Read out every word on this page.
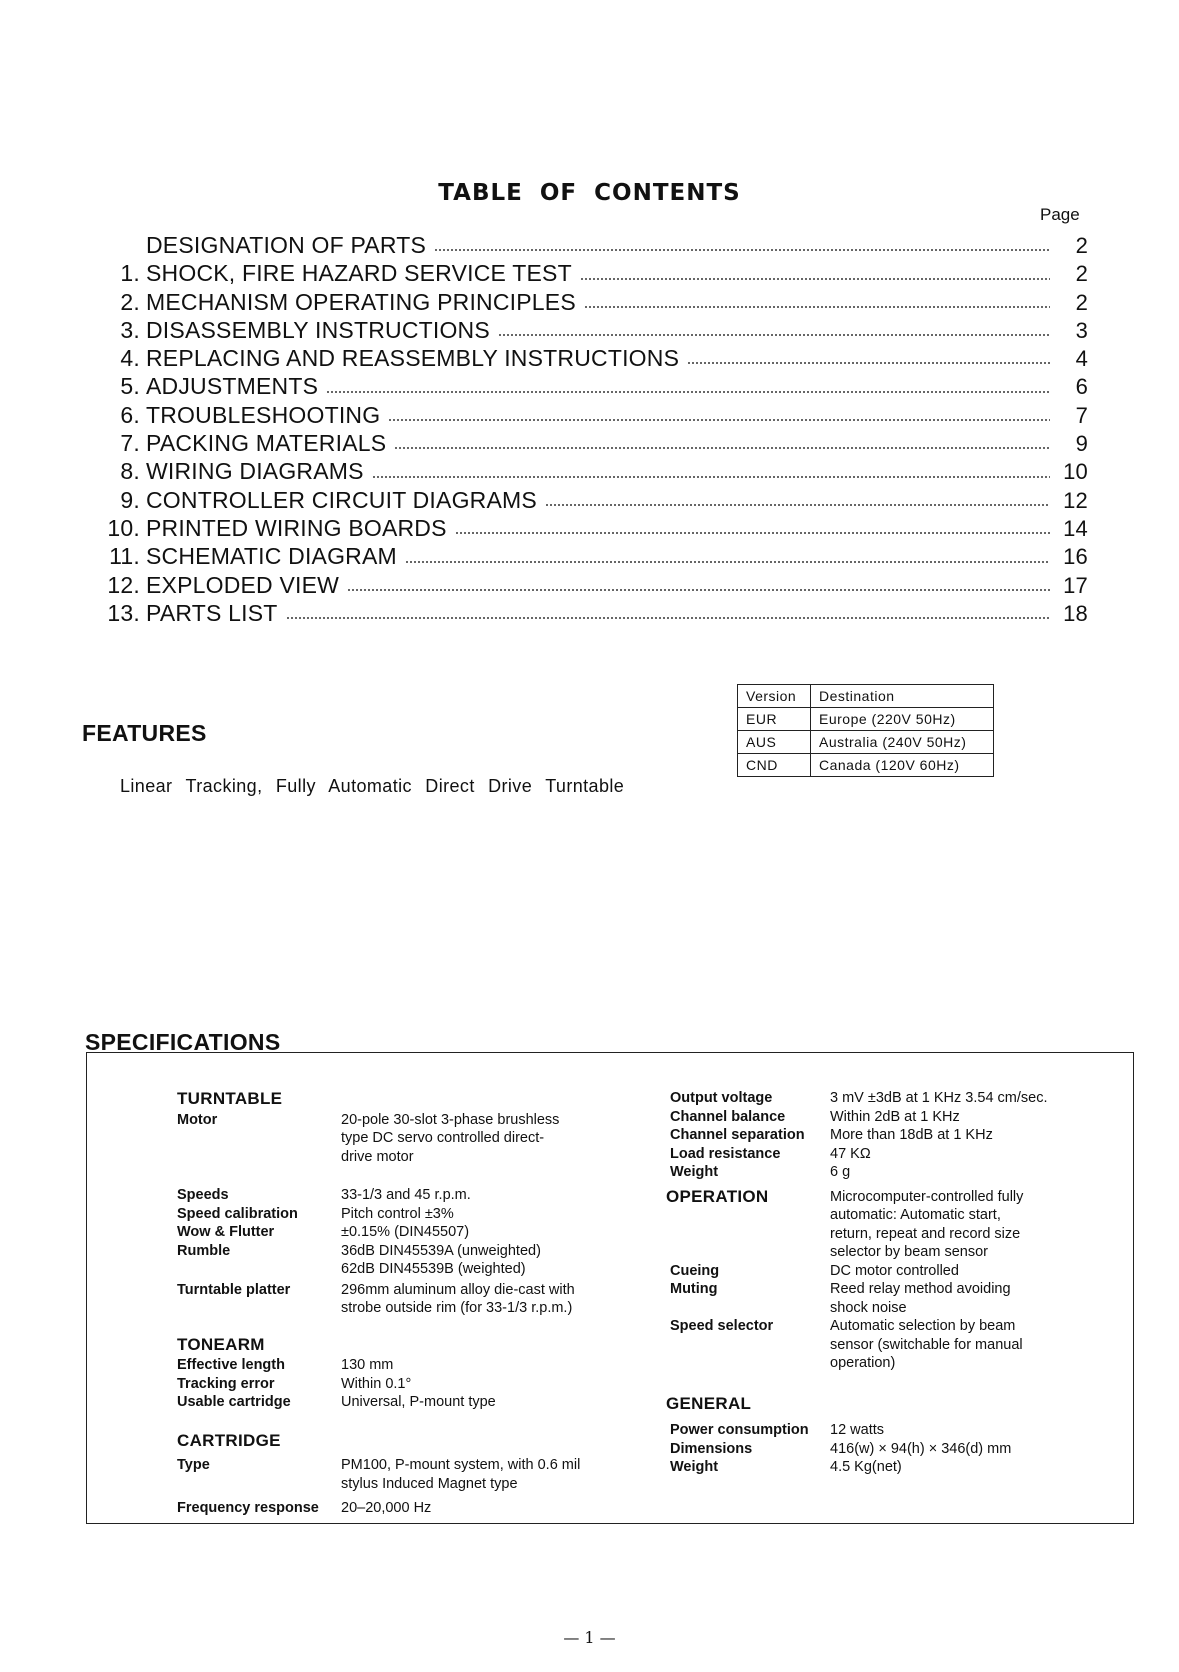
TABLE OF CONTENTS
Page
DESIGNATION OF PARTS	2
1. SHOCK, FIRE HAZARD SERVICE TEST	2
2. MECHANISM OPERATING PRINCIPLES	2
3. DISASSEMBLY INSTRUCTIONS	3
4. REPLACING AND REASSEMBLY INSTRUCTIONS	4
5. ADJUSTMENTS	6
6. TROUBLESHOOTING	7
7. PACKING MATERIALS	9
8. WIRING DIAGRAMS	10
9. CONTROLLER CIRCUIT DIAGRAMS	12
10. PRINTED WIRING BOARDS	14
11. SCHEMATIC DIAGRAM	16
12. EXPLODED VIEW	17
13. PARTS LIST	18
FEATURES
Linear Tracking, Fully Automatic Direct Drive Turntable
Version	Destination
EUR	Europe (220V 50Hz)
AUS	Australia (240V 50Hz)
CND	Canada (120V 60Hz)
SPECIFICATIONS
TURNTABLE
Motor	20-pole 30-slot 3-phase brushless type DC servo controlled direct-drive motor
Speeds	33-1/3 and 45 r.p.m.
Speed calibration	Pitch control ±3%
Wow & Flutter	±0.15% (DIN45507)
Rumble	36dB DIN45539A (unweighted)
62dB DIN45539B (weighted)
Turntable platter	296mm aluminum alloy die-cast with strobe outside rim (for 33-1/3 r.p.m.)
TONEARM
Effective length	130 mm
Tracking error	Within 0.1°
Usable cartridge	Universal, P-mount type
CARTRIDGE
Type	PM100, P-mount system, with 0.6 mil stylus Induced Magnet type
Frequency response	20–20,000 Hz
Output voltage	3 mV ±3dB at 1 KHz 3.54 cm/sec.
Channel balance	Within 2dB at 1 KHz
Channel separation	More than 18dB at 1 KHz
Load resistance	47 KΩ
Weight	6 g
OPERATION	Microcomputer-controlled fully automatic: Automatic start, return, repeat and record size selector by beam sensor
Cueing	DC motor controlled
Muting	Reed relay method avoiding shock noise
Speed selector	Automatic selection by beam sensor (switchable for manual operation)
GENERAL
Power consumption	12 watts
Dimensions	416(w) × 94(h) × 346(d) mm
Weight	4.5 Kg(net)
— 1 —
